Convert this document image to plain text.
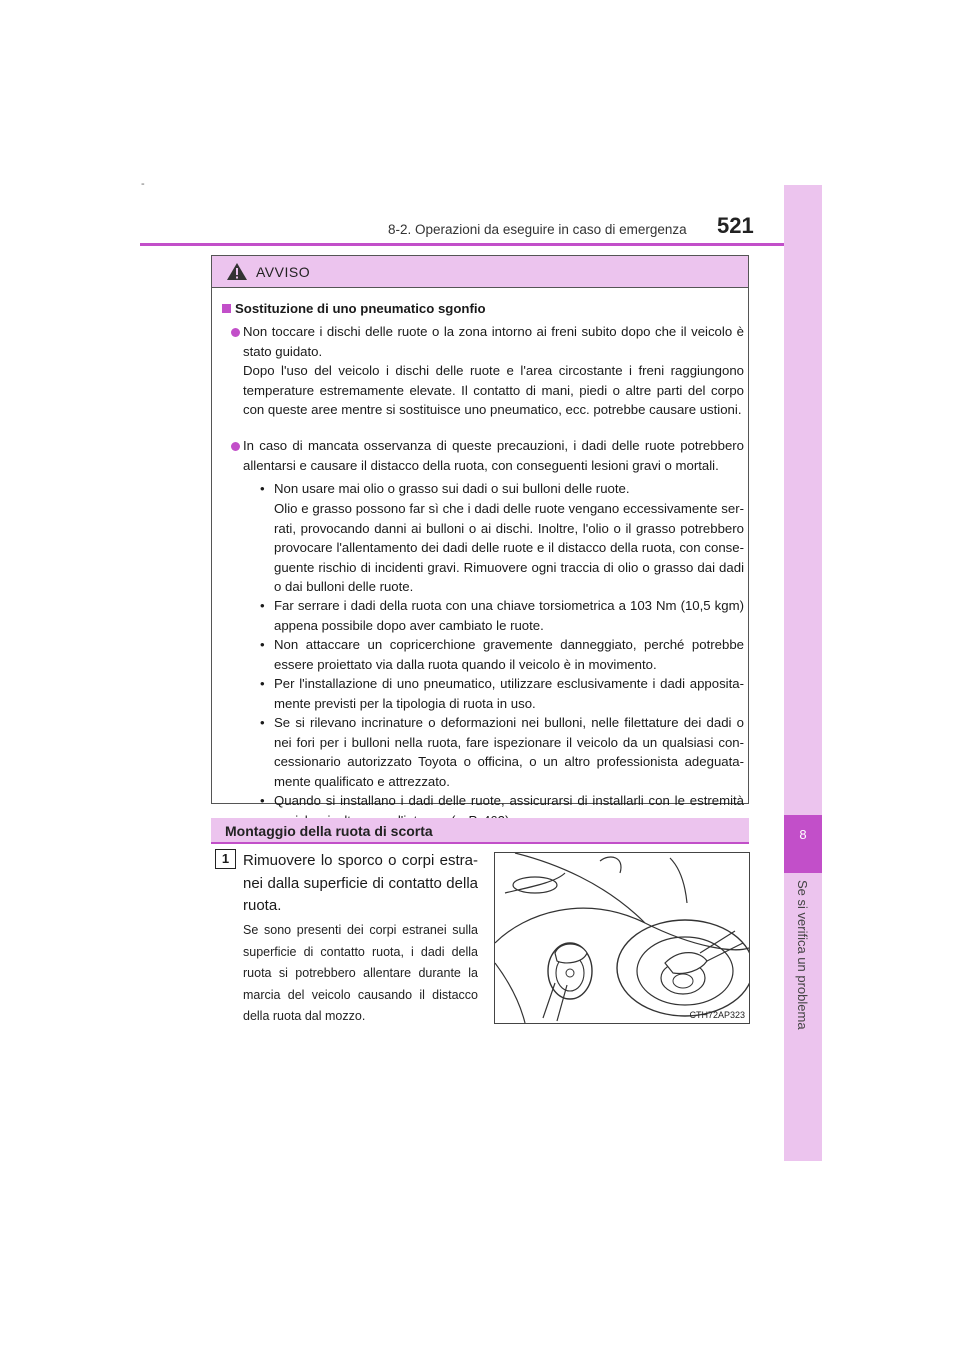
-
8-2. Operazioni da eseguire in caso di emergenza 521
8
Se si verifica un problema
AVVISO
Sostituzione di uno pneumatico sgonfio
Non toccare i dischi delle ruote o la zona intorno ai freni subito dopo che il veicolo è stato guidato.
Dopo l'uso del veicolo i dischi delle ruote e l'area circostante i freni raggiungono temperature estremamente elevate. Il contatto di mani, piedi o altre parti del corpo con queste aree mentre si sostituisce uno pneumatico, ecc. potrebbe causare ustioni.
In caso di mancata osservanza di queste precauzioni, i dadi delle ruote potrebbero allentarsi e causare il distacco della ruota, con conseguenti lesioni gravi o mortali.
• Non usare mai olio o grasso sui dadi o sui bulloni delle ruote.
Olio e grasso possono far sì che i dadi delle ruote vengano eccessivamente ser-rati, provocando danni ai bulloni o ai dischi. Inoltre, l'olio o il grasso potrebbero provocare l'allentamento dei dadi delle ruote e il distacco della ruota, con conse-guente rischio di incidenti gravi. Rimuovere ogni traccia di olio o grasso dai dadi o dai bulloni delle ruote.
• Far serrare i dadi della ruota con una chiave torsiometrica a 103 Nm (10,5 kgm) appena possibile dopo aver cambiato le ruote.
• Non attaccare un copricerchione gravemente danneggiato, perché potrebbe essere proiettato via dalla ruota quando il veicolo è in movimento.
• Per l'installazione di uno pneumatico, utilizzare esclusivamente i dadi apposita-mente previsti per la tipologia di ruota in uso.
• Se si rilevano incrinature o deformazioni nei bulloni, nelle filettature dei dadi o nei fori per i bulloni nella ruota, fare ispezionare il veicolo da un qualsiasi con-cessionario autorizzato Toyota o officina, o un altro professionista adeguata-mente qualificato e attrezzato.
• Quando si installano i dadi delle ruote, assicurarsi di installarli con le estremità
Montaggio della ruota di scorta
1 Rimuovere lo sporco o corpi estra-nei dalla superficie di contatto della ruota.
Se sono presenti dei corpi estranei sulla superficie di contatto ruota, i dadi della ruota si potrebbero allentare durante la marcia del veicolo causando il distacco della ruota dal mozzo.	CTH72AP323
